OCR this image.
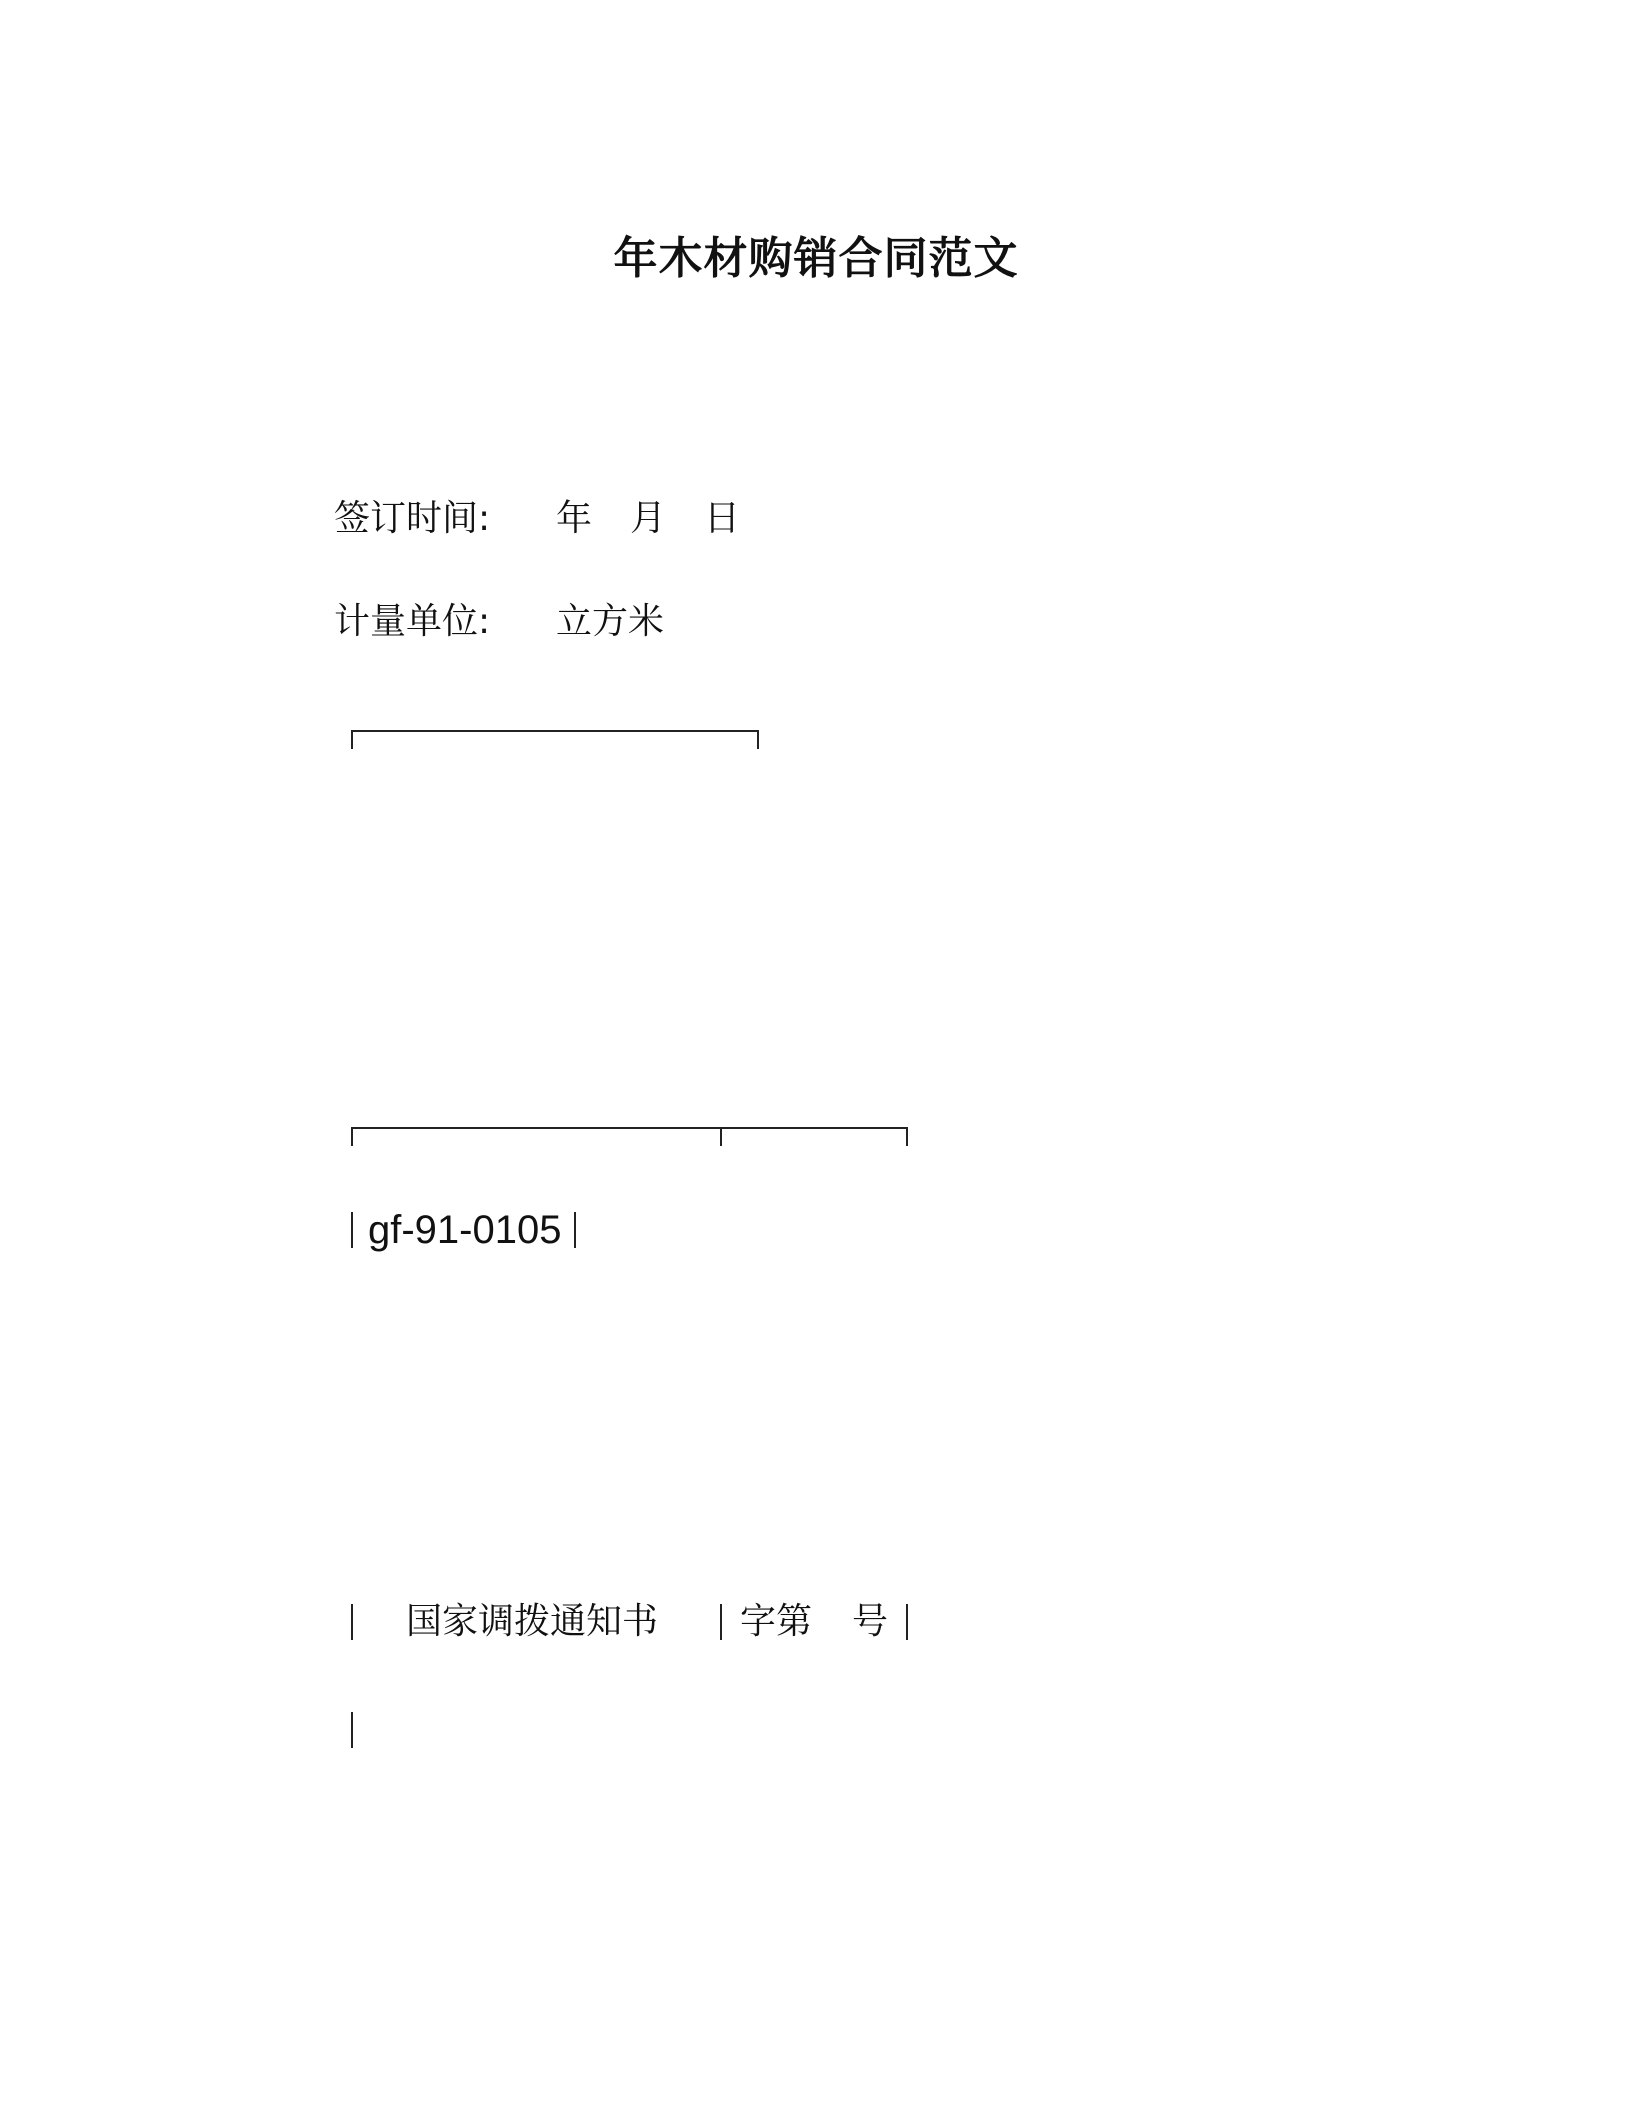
年木材购销合同范文
签订时间: 年 月 日
计量单位: 立方米
gf-91-0105
国家调拨通知书 字第 号
